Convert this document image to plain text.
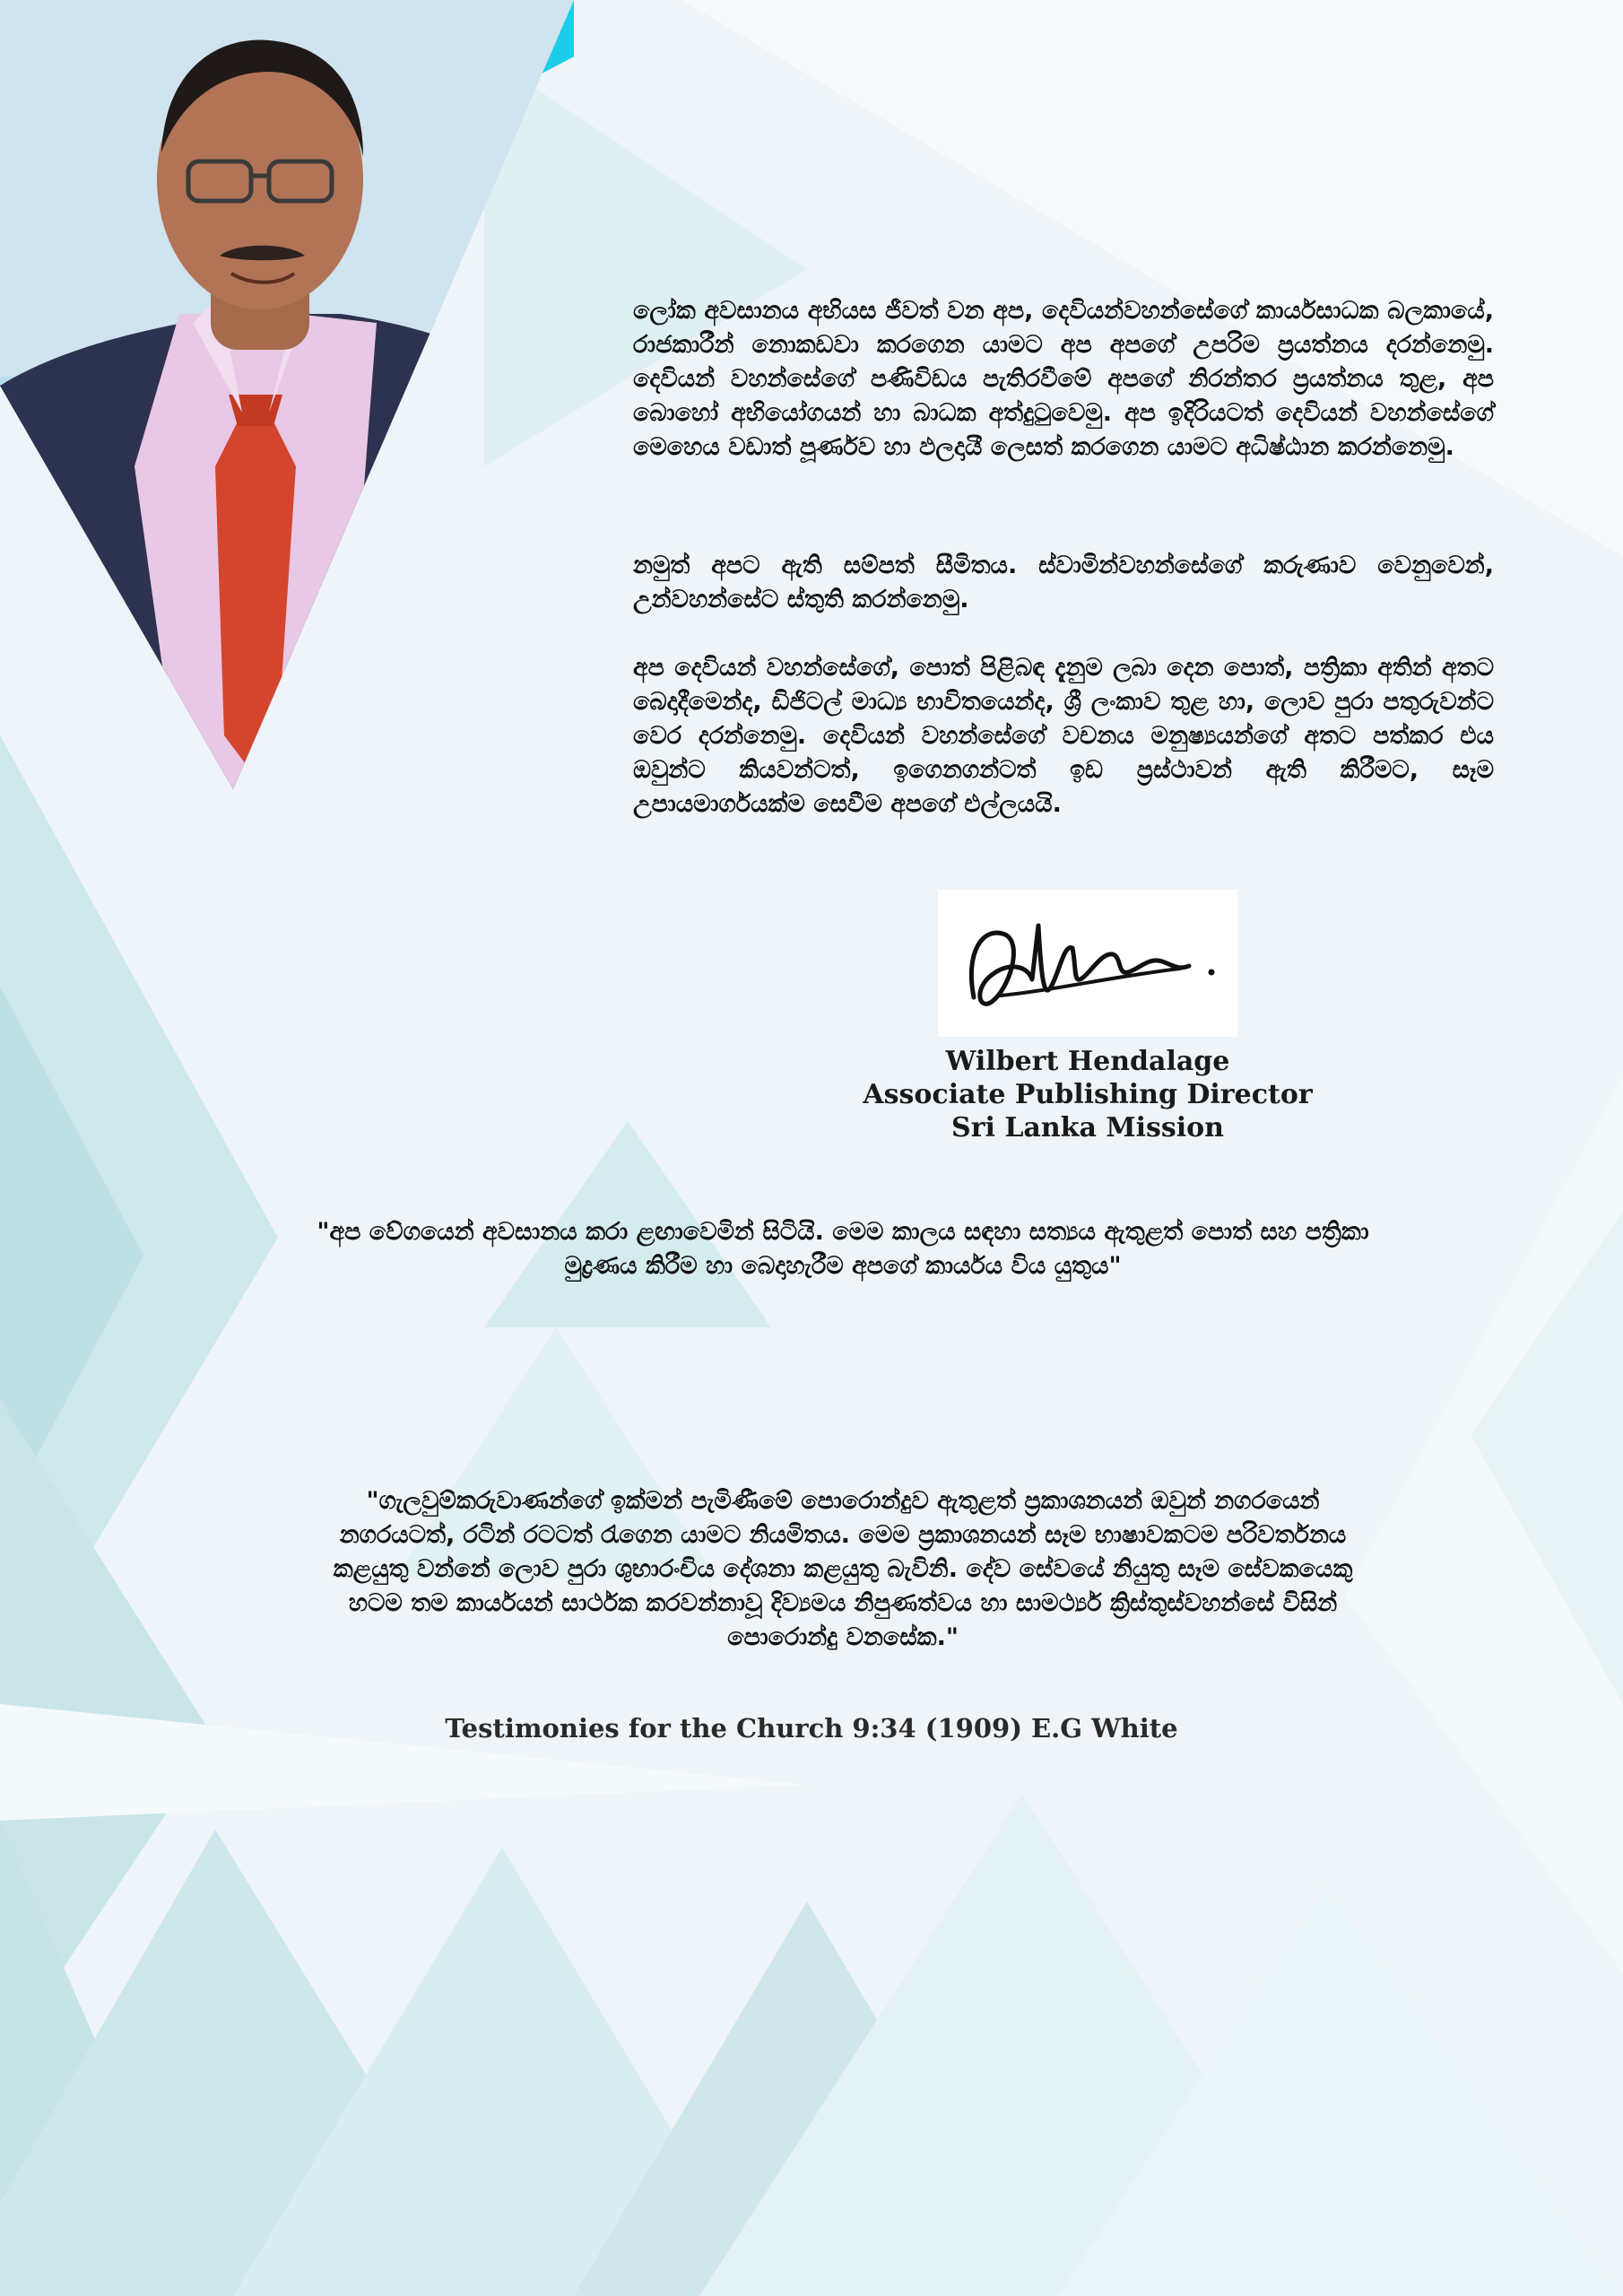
ලෝක අවසානය අභියස ජීවත් වන අප, දෙවියන්වහන්සේගේ කාර්යසාධක බලකායේ, රාජකාරීන් නොකඩවා කරගෙන යාමට අප අපගේ උපරිම ප්‍රයත්නය දරන්නෙමු. දෙවියන් වහන්සේගේ පණිවිඩය පැතිරවීමේ අපගේ නිරන්තර ප්‍රයත්නය තුළ, අප බොහෝ අභියෝගයන් හා බාධක අත්දුටුවෙමු. අප ඉදිරියටත් දෙවියන් වහන්සේගේ මෙහෙය වඩාත් පූර්ණව හා ඵලදායී ලෙසත් කරගෙන යාමට අධිෂ්ඨාන කරන්නෙමු.

නමුත් අපට ඇති සම්පත් සීමිතය. ස්වාමින්වහන්සේගේ කරුණාව වෙනුවෙන්, උන්වහන්සේට ස්තුති කරන්නෙමු.

අප දෙවියන් වහන්සේගේ, පොත් පිළිබඳ දැනුම ලබා දෙන පොත්, පත්‍රිකා අතින් අතට බෙදාදීමෙන්ද, ඩිජිටල් මාධ්‍ය භාවිතයෙන්ද, ශ්‍රී ලංකාව තුළ හා, ලොව පුරා පතුරුවන්ට වෙර දරන්නෙමු. දෙවියන් වහන්සේගේ වචනය මනුෂ්‍යයන්ගේ අතට පත්කර එය ඔවුන්ට කියවන්ටත්, ඉගෙනගන්ටත් ඉඩ ප්‍රස්ථාවන් ඇති කිරීමට, සෑම උපායමාර්ගයක්ම සෙවීම අපගේ එල්ලයයි.

Wilbert Hendalage
Associate Publishing Director
Sri Lanka Mission

"අප වේගයෙන් අවසානය කරා ළඟාවෙමින් සිටියි. මෙම කාලය සඳහා සත්‍යය ඇතුළත් පොත් සහ පත්‍රිකා මුද්‍රණය කිරීම හා බෙදාහැරීම අපගේ කාර්යය විය යුතුය"

"ගැලවුම්කරුවාණන්ගේ ඉක්මන් පැමිණීමේ පොරොන්දුව ඇතුළත් ප්‍රකාශනයන් ඔවුන් නගරයෙන් නගරයටත්, රටින් රටටත් රැගෙන යාමට නියමිතය. මෙම ප්‍රකාශනයන් සෑම භාෂාවකටම පරිවර්තනය කළයුතු වන්නේ ලොව පුරා ශුභාරංචිය දේශනා කළයුතු බැවිනි. දේව සේවයේ නියුතු සෑම සේවකයෙකු හටම තම කාර්යයන් සාර්ථක කරවන්නාවූ දිව්‍යමය නිපුණත්වය හා සාමර්ථ්‍ය ක්‍රිස්තුස්වහන්සේ විසින් පොරොන්දු වනසේක."

Testimonies for the Church 9:34 (1909) E.G White
